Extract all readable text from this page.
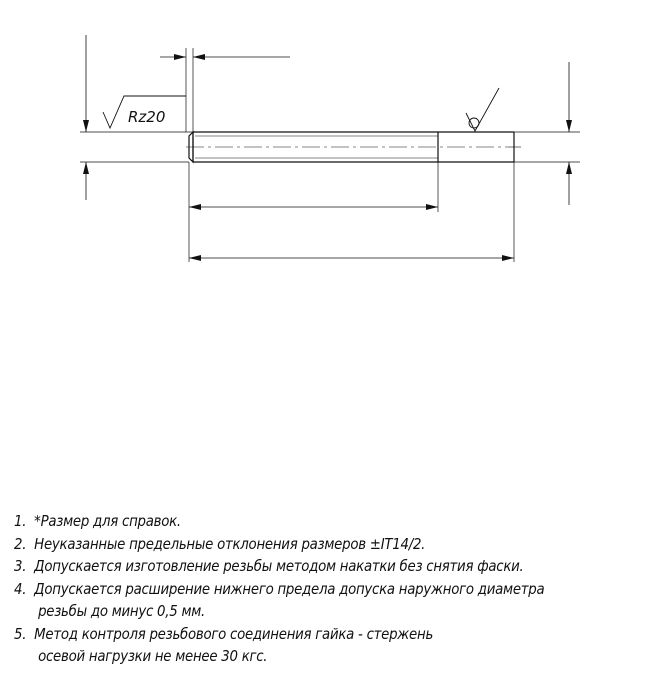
Rz20
1. *Размер для справок.
2. Неуказанные предельные отклонения размеров ±IT14/2.
3. Допускается изготовление резьбы методом накатки без снятия фаски.
4. Допускается расширение нижнего предела допуска наружного диаметра
резьбы до минус 0,5 мм.
5. Метод контроля резьбового соединения гайка - стержень
осевой нагрузки не менее 30 кгс.
